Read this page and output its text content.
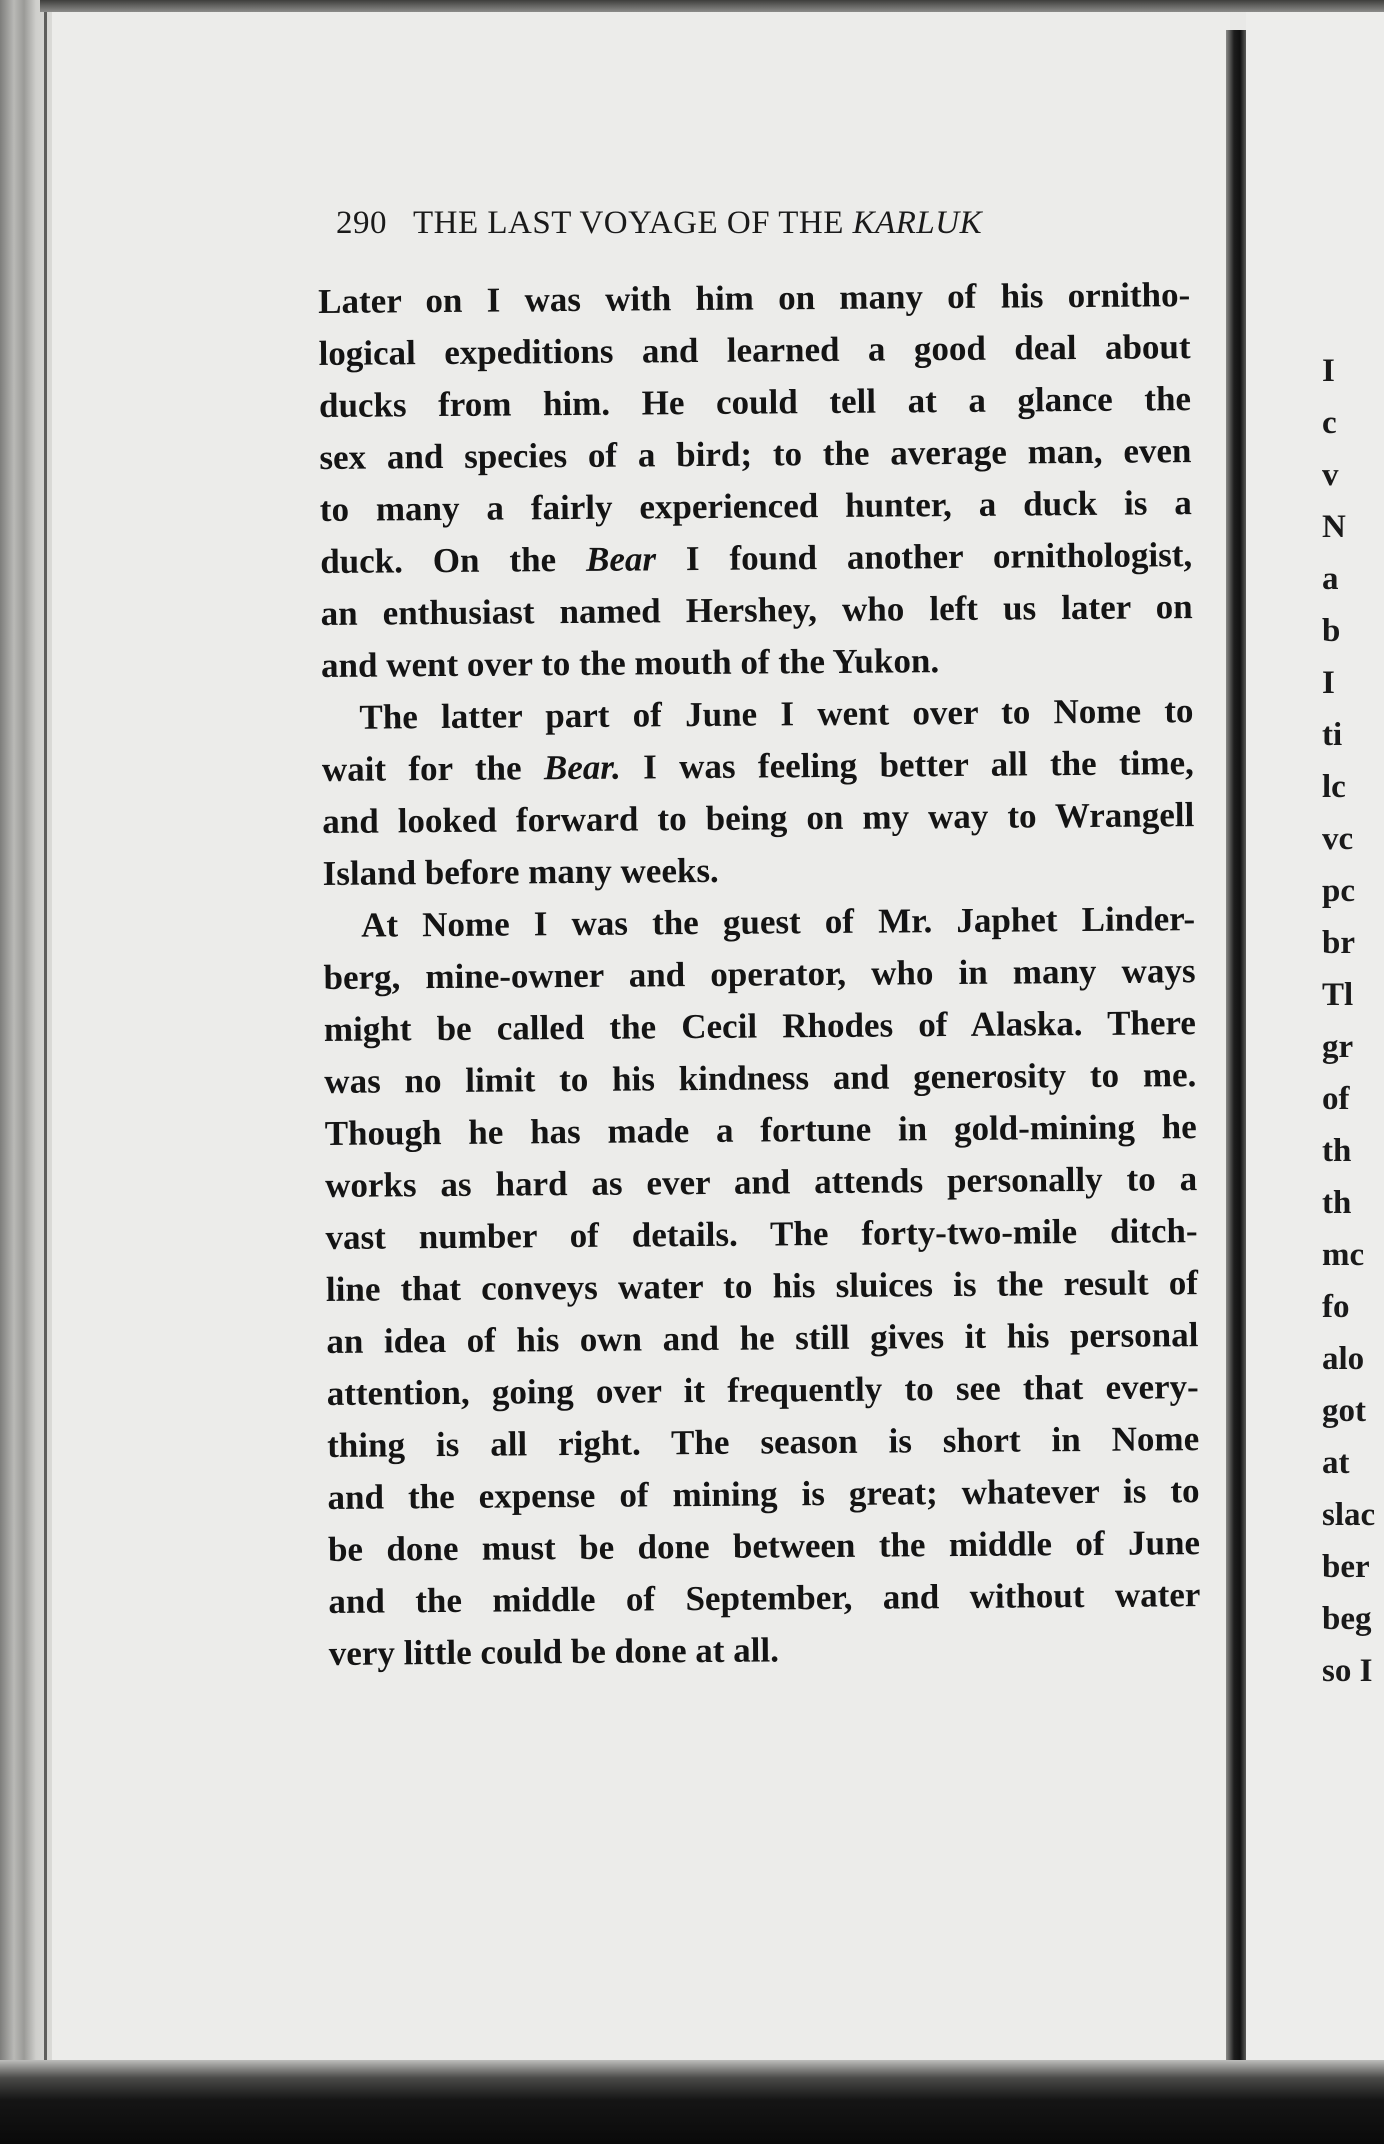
290 THE LAST VOYAGE OF THE KARLUK
Later on I was with him on many of his ornitho-
logical expeditions and learned a good deal about
ducks from him. He could tell at a glance the
sex and species of a bird; to the average man, even
to many a fairly experienced hunter, a duck is a
duck. On the Bear I found another ornithologist,
an enthusiast named Hershey, who left us later on
and went over to the mouth of the Yukon.
The latter part of June I went over to Nome to
wait for the Bear. I was feeling better all the time,
and looked forward to being on my way to Wrangell
Island before many weeks.
At Nome I was the guest of Mr. Japhet Linder-
berg, mine-owner and operator, who in many ways
might be called the Cecil Rhodes of Alaska. There
was no limit to his kindness and generosity to me.
Though he has made a fortune in gold-mining he
works as hard as ever and attends personally to a
vast number of details. The forty-two-mile ditch-
line that conveys water to his sluices is the result of
an idea of his own and he still gives it his personal
attention, going over it frequently to see that every-
thing is all right. The season is short in Nome
and the expense of mining is great; whatever is to
be done must be done between the middle of June
and the middle of September, and without water
very little could be done at all.
I
c
v
N
a
b
I
ti
lc
vc
pc
br
Tl
gr
of
th
th
mc
fo
alo
got
at
slac
ber
beg
so I
